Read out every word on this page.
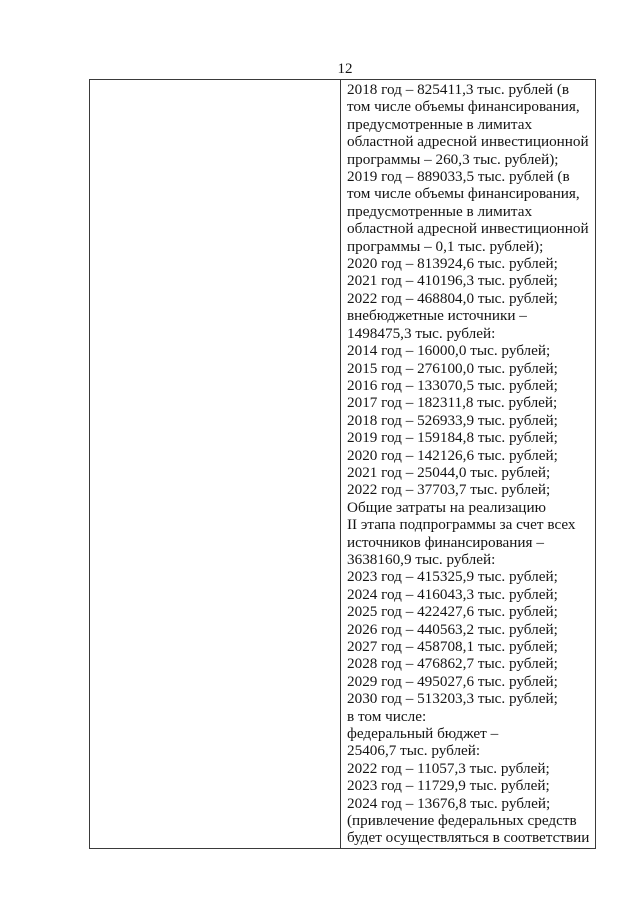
12
2018 год – 825411,3 тыс. рублей (в
том числе объемы финансирования,
предусмотренные в лимитах
областной адресной инвестиционной
программы – 260,3 тыс. рублей);
2019 год – 889033,5 тыс. рублей (в
том числе объемы финансирования,
предусмотренные в лимитах
областной адресной инвестиционной
программы – 0,1 тыс. рублей);
2020 год – 813924,6 тыс. рублей;
2021 год – 410196,3 тыс. рублей;
2022 год – 468804,0 тыс. рублей;
внебюджетные источники –
1498475,3 тыс. рублей:
2014 год – 16000,0 тыс. рублей;
2015 год – 276100,0 тыс. рублей;
2016 год – 133070,5 тыс. рублей;
2017 год – 182311,8 тыс. рублей;
2018 год – 526933,9 тыс. рублей;
2019 год – 159184,8 тыс. рублей;
2020 год – 142126,6 тыс. рублей;
2021 год – 25044,0 тыс. рублей;
2022 год – 37703,7 тыс. рублей;
Общие затраты на реализацию
II этапа подпрограммы за счет всех
источников финансирования –
3638160,9 тыс. рублей:
2023 год – 415325,9 тыс. рублей;
2024 год – 416043,3 тыс. рублей;
2025 год – 422427,6 тыс. рублей;
2026 год – 440563,2 тыс. рублей;
2027 год – 458708,1 тыс. рублей;
2028 год – 476862,7 тыс. рублей;
2029 год – 495027,6 тыс. рублей;
2030 год – 513203,3 тыс. рублей;
в том числе:
федеральный бюджет –
25406,7 тыс. рублей:
2022 год – 11057,3 тыс. рублей;
2023 год – 11729,9 тыс. рублей;
2024 год – 13676,8 тыс. рублей;
(привлечение федеральных средств
будет осуществляться в соответствии
